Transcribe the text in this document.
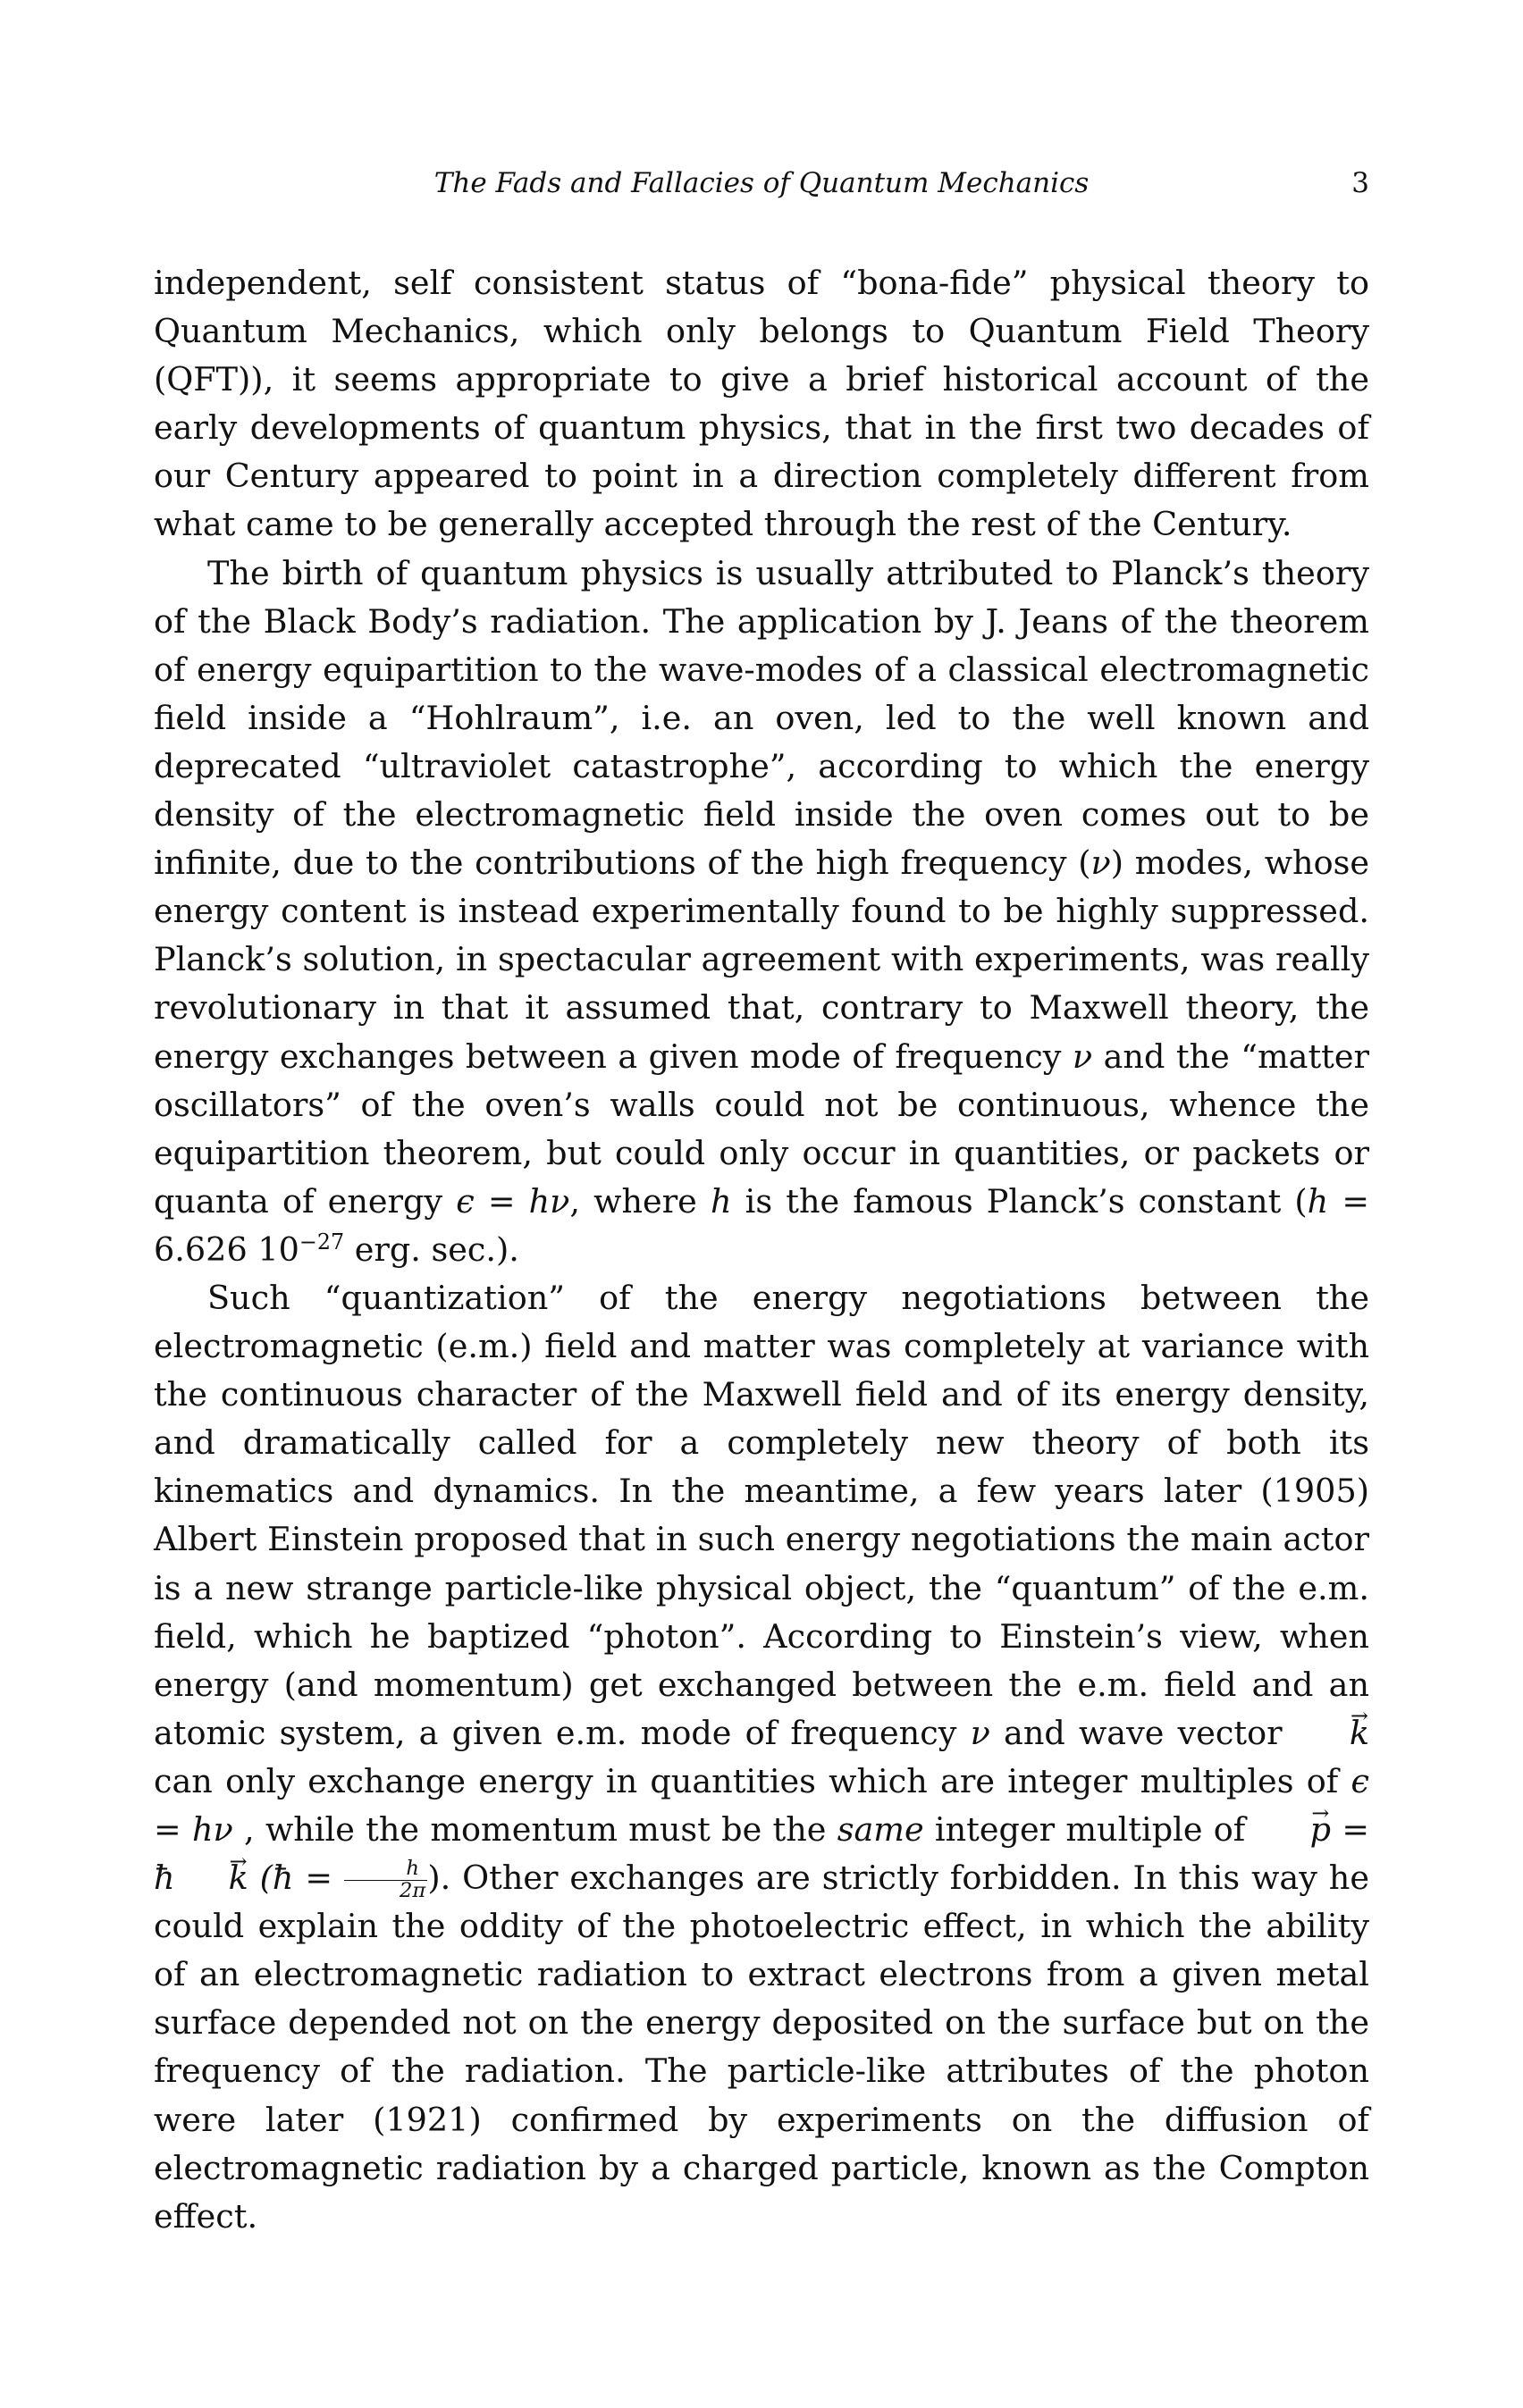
The Fads and Fallacies of Quantum Mechanics	3

independent, self consistent status of “bona-fide” physical theory to Quantum Mechanics, which only belongs to Quantum Field Theory (QFT)), it seems appropriate to give a brief historical account of the early developments of quantum physics, that in the first two decades of our Century appeared to point in a direction completely different from what came to be generally accepted through the rest of the Century.

The birth of quantum physics is usually attributed to Planck’s theory of the Black Body’s radiation. The application by J. Jeans of the theorem of energy equipartition to the wave-modes of a classical electromagnetic field inside a “Hohlraum”, i.e. an oven, led to the well known and deprecated “ultraviolet catastrophe”, according to which the energy density of the electromagnetic field inside the oven comes out to be infinite, due to the contributions of the high frequency (ν) modes, whose energy content is instead experimentally found to be highly suppressed. Planck’s solution, in spectacular agreement with experiments, was really revolutionary in that it assumed that, contrary to Maxwell theory, the energy exchanges between a given mode of frequency ν and the “matter oscillators” of the oven’s walls could not be continuous, whence the equipartition theorem, but could only occur in quantities, or packets or quanta of energy ϵ = hν, where h is the famous Planck’s constant (h = 6.626 $10^{-27}$ erg. sec.).

Such “quantization” of the energy negotiations between the electromagnetic (e.m.) field and matter was completely at variance with the continuous character of the Maxwell field and of its energy density, and dramatically called for a completely new theory of both its kinematics and dynamics. In the meantime, a few years later (1905) Albert Einstein proposed that in such energy negotiations the main actor is a new strange particle-like physical object, the “quantum” of the e.m. field, which he baptized “photon”. According to Einstein’s view, when energy (and momentum) get exchanged between the e.m. field and an atomic system, a given e.m. mode of frequency ν and wave vector k → can only exchange energy in quantities which are integer multiples of ϵ = hν , while the momentum must be the same integer multiple of p → = ħ k → (ħ = $\frac{h}{2\pi}$ ). Other exchanges are strictly forbidden. In this way he could explain the oddity of the photoelectric effect, in which the ability of an electromagnetic radiation to extract electrons from a given metal surface depended not on the energy deposited on the surface but on the frequency of the radiation. The particle-like attributes of the photon were later (1921) confirmed by experiments on the diffusion of electromagnetic radiation by a charged particle, known as the Compton effect.
